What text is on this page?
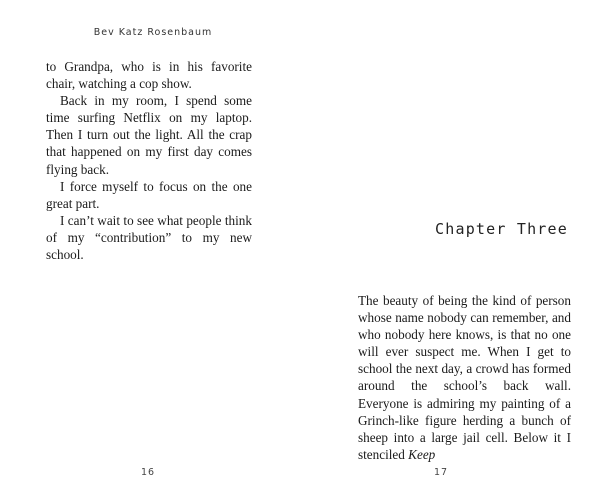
Bev Katz Rosenbaum

to Grandpa, who is in his favorite chair, watching a cop show.

Back in my room, I spend some time surfing Netflix on my laptop. Then I turn out the light. All the crap that happened on my first day comes flying back.

I force myself to focus on the one great part.

I can’t wait to see what people think of my “contribution” to my new school.

16
Chapter Three

The beauty of being the kind of person whose name nobody can remember, and who nobody here knows, is that no one will ever suspect me. When I get to school the next day, a crowd has formed around the school’s back wall. Everyone is admiring my painting of a Grinch-like figure herding a bunch of sheep into a large jail cell. Below it I stenciled Keep

17
